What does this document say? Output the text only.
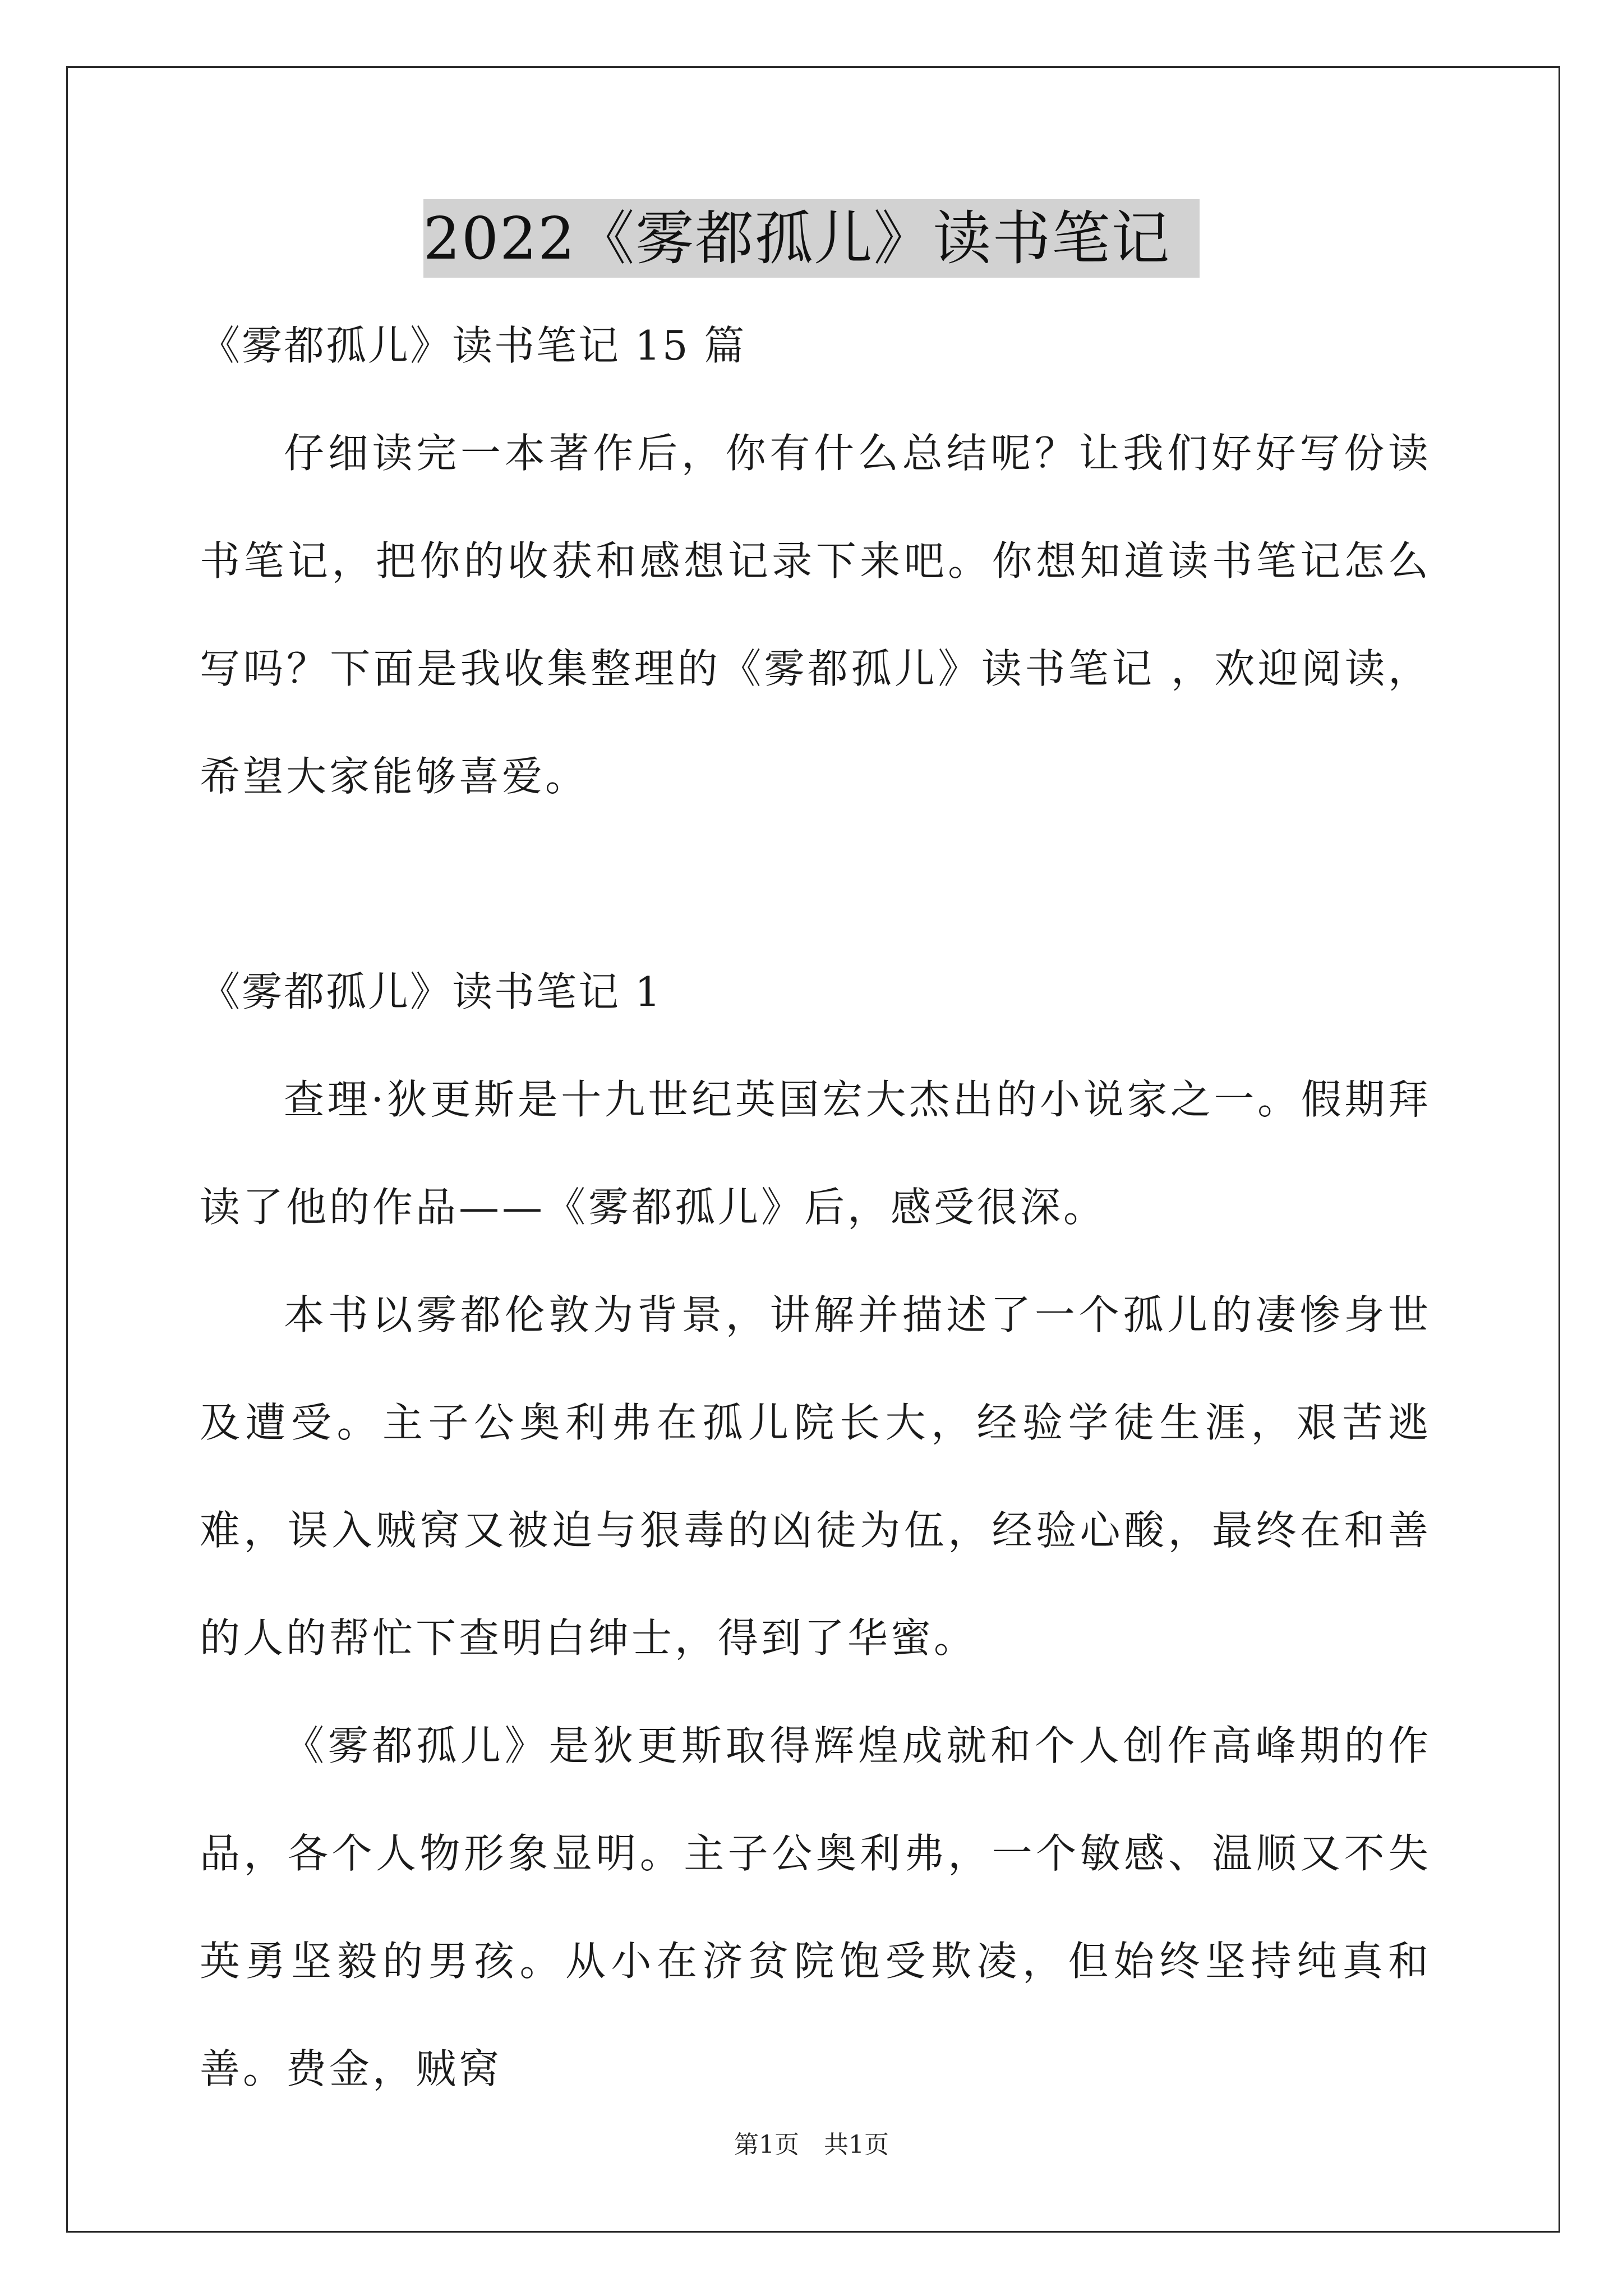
2022《雾都孤儿》读书笔记

《雾都孤儿》读书笔记 15 篇

仔细读完一本著作后，你有什么总结呢？让我们好好写份读书笔记，把你的收获和感想记录下来吧。你想知道读书笔记怎么写吗？下面是我收集整理的《雾都孤儿》读书笔记 ，欢迎阅读，希望大家能够喜爱。

《雾都孤儿》读书笔记 1

查理·狄更斯是十九世纪英国宏大杰出的小说家之一。假期拜读了他的作品——《雾都孤儿》后，感受很深。

本书以雾都伦敦为背景，讲解并描述了一个孤儿的凄惨身世及遭受。主子公奥利弗在孤儿院长大，经验学徒生涯，艰苦逃难，误入贼窝又被迫与狠毒的凶徒为伍，经验心酸，最终在和善的人的帮忙下查明白绅士，得到了华蜜。

《雾都孤儿》是狄更斯取得辉煌成就和个人创作高峰期的作品，各个人物形象显明。主子公奥利弗，一个敏感、温顺又不失英勇坚毅的男孩。从小在济贫院饱受欺凌，但始终坚持纯真和善。费金，贼窝

第1页 共1页
